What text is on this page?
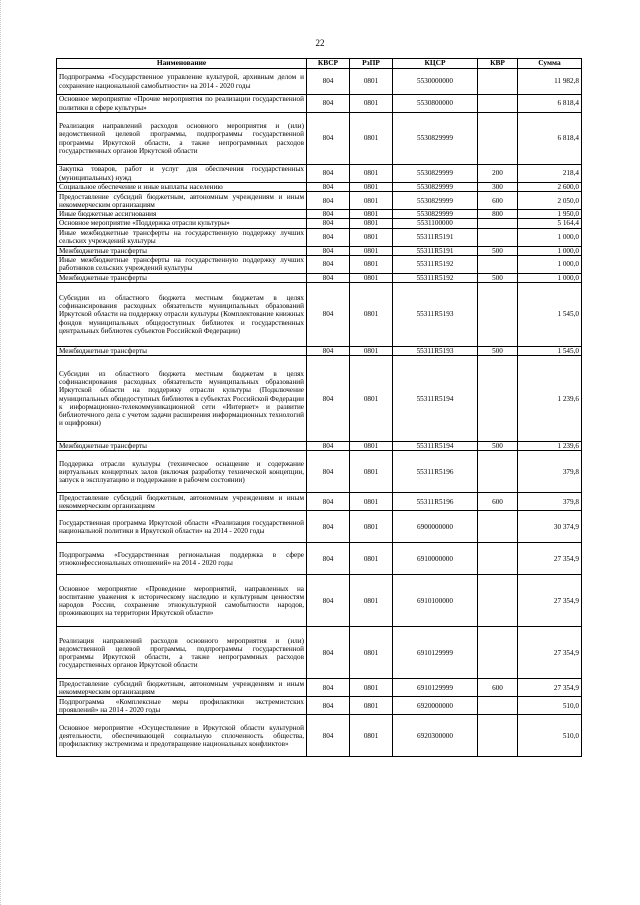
22
Наименование	КВСР	РзПР	КЦСР	КВР	Сумма
Подпрограмма «Государственное управление культурой, архивным делом и сохранение национальной самобытности» на 2014 - 2020 годы	804	0801	5530000000		11 982,8
Основное мероприятие «Прочие мероприятия по реализации государственной политики в сфере культуры»	804	0801	5530800000		6 818,4
Реализация направлений расходов основного мероприятия и (или) ведомственной целевой программы, подпрограммы государственной программы Иркутской области, а также непрограммных расходов государственных органов Иркутской области	804	0801	5530829999		6 818,4
Закупка товаров, работ и услуг для обеспечения государственных (муниципальных) нужд	804	0801	5530829999	200	218,4
Социальное обеспечение и иные выплаты населению	804	0801	5530829999	300	2 600,0
Предоставление субсидий бюджетным, автономным учреждениям и иным некоммерческим организациям	804	0801	5530829999	600	2 050,0
Иные бюджетные ассигнования	804	0801	5530829999	800	1 950,0
Основное мероприятие «Поддержка отрасли культуры»	804	0801	5531100000		5 164,4
Иные межбюджетные трансферты на государственную поддержку лучших сельских учреждений культуры	804	0801	55311R5191		1 000,0
Межбюджетные трансферты	804	0801	55311R5191	500	1 000,0
Иные межбюджетные трансферты на государственную поддержку лучших работников сельских учреждений культуры	804	0801	55311R5192		1 000,0
Межбюджетные трансферты	804	0801	55311R5192	500	1 000,0
Субсидии из областного бюджета местным бюджетам в целях софинансирования расходных обязательств муниципальных образований Иркутской области на поддержку отрасли культуры (Комплектование книжных фондов муниципальных общедоступных библиотек и государственных центральных библиотек субъектов Российской Федерации)	804	0801	55311R5193		1 545,0
Межбюджетные трансферты	804	0801	55311R5193	500	1 545,0
Субсидии из областного бюджета местным бюджетам в целях софинансирования расходных обязательств муниципальных образований Иркутской области на поддержку отрасли культуры (Подключение муниципальных общедоступных библиотек в субъектах Российской Федерации к информационно-телекоммуникационной сети «Интернет» и развитие библиотечного дела с учетом задачи расширения информационных технологий и оцифровки)	804	0801	55311R5194		1 239,6
Межбюджетные трансферты	804	0801	55311R5194	500	1 239,6
Поддержка отрасли культуры (техническое оснащение и содержание виртуальных концертных залов (включая разработку технической концепции, запуск в эксплуатацию и поддержание в рабочем состоянии)	804	0801	55311R5196		379,8
Предоставление субсидий бюджетным, автономным учреждениям и иным некоммерческим организациям	804	0801	55311R5196	600	379,8
Государственная программа Иркутской области «Реализация государственной национальной политики в Иркутской области» на 2014 - 2020 годы	804	0801	6900000000		30 374,9
Подпрограмма «Государственная региональная поддержка в сфере этноконфессиональных отношений» на 2014 - 2020 годы	804	0801	6910000000		27 354,9
Основное мероприятие «Проведение мероприятий, направленных на воспитание уважения к историческому наследию и культурным ценностям народов России, сохранение этнокультурной самобытности народов, проживающих на территории Иркутской области»	804	0801	6910100000		27 354,9
Реализация направлений расходов основного мероприятия и (или) ведомственной целевой программы, подпрограммы государственной программы Иркутской области, а также непрограммных расходов государственных органов Иркутской области	804	0801	6910129999		27 354,9
Предоставление субсидий бюджетным, автономным учреждениям и иным некоммерческим организациям	804	0801	6910129999	600	27 354,9
Подпрограмма «Комплексные меры профилактики экстремистских проявлений» на 2014 - 2020 годы	804	0801	6920000000		510,0
Основное мероприятие «Осуществление в Иркутской области культурной деятельности, обеспечивающей социальную сплоченность общества, профилактику экстремизма и предотвращение национальных конфликтов»	804	0801	6920300000		510,0
